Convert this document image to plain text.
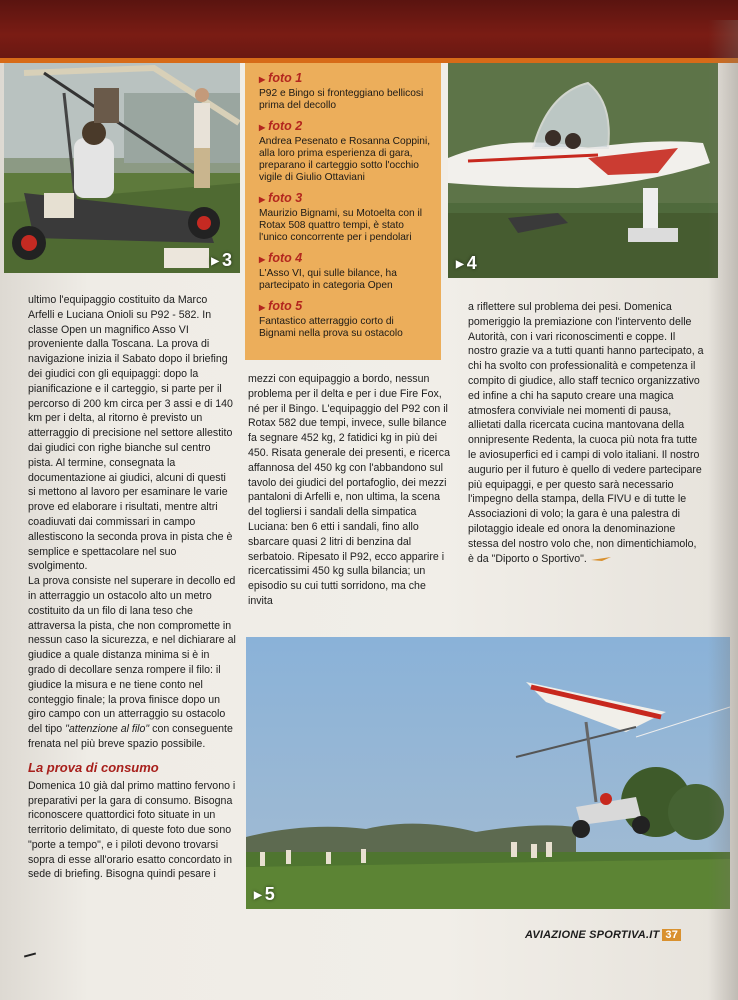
▶ 3
▶ foto 1
P92 e Bingo si fronteggiano bellicosi prima del decollo
▶ foto 2
Andrea Pesenato e Rosanna Coppini, alla loro prima esperienza di gara, preparano il carteggio sotto l'occhio vigile di Giulio Ottaviani
▶ foto 3
Maurizio Bignami, su Motoelta con il Rotax 508 quattro tempi, è stato l'unico concorrente per i pendolari
▶ foto 4
L'Asso VI, qui sulle bilance, ha partecipato in categoria Open
▶ foto 5
Fantastico atterraggio corto di Bignami nella prova su ostacolo
▶ 4

ultimo l'equipaggio costituito da Marco Arfelli e Luciana Onioli su P92 - 582. In classe Open un magnifico Asso VI proveniente dalla Toscana. La prova di navigazione inizia il Sabato dopo il briefing dei giudici con gli equipaggi: dopo la pianificazione e il carteggio, si parte per il percorso di 200 km circa per 3 assi e di 140 km per i delta, al ritorno è previsto un atterraggio di precisione nel settore allestito dai giudici con righe bianche sul centro pista. Al termine, consegnata la documentazione ai giudici, alcuni di questi si mettono al lavoro per esaminare le varie prove ed elaborare i risultati, mentre altri coadiuvati dai commissari in campo allestiscono la seconda prova in pista che è semplice e spettacolare nel suo svolgimento.

La prova consiste nel superare in decollo ed in atterraggio un ostacolo alto un metro costituito da un filo di lana teso che attraversa la pista, che non compromette in nessun caso la sicurezza, e nel dichiarare al giudice a quale distanza minima si è in grado di decollare senza rompere il filo: il giudice la misura e ne tiene conto nel conteggio finale; la prova finisce dopo un giro campo con un atterraggio su ostacolo del tipo "attenzione al filo" con conseguente frenata nel più breve spazio possibile.

La prova di consumo

Domenica 10 già dal primo mattino fervono i preparativi per la gara di consumo. Bisogna riconoscere quattordici foto situate in un territorio delimitato, di queste foto due sono "porte a tempo", e i piloti devono trovarsi sopra di esse all'orario esatto concordato in sede di briefing. Bisogna quindi pesare i

mezzi con equipaggio a bordo, nessun problema per il delta e per i due Fire Fox, né per il Bingo. L'equipaggio del P92 con il Rotax 582 due tempi, invece, sulle bilance fa segnare 452 kg, 2 fatidici kg in più dei 450. Risata generale dei presenti, e ricerca affannosa del 450 kg con l'abbandono sul tavolo dei giudici del portafoglio, dei mezzi pantaloni di Arfelli e, non ultima, la scena del togliersi i sandali della simpatica Luciana: ben 6 etti i sandali, fino allo sbarcare quasi 2 litri di benzina dal serbatoio. Ripesato il P92, ecco apparire i ricercatissimi 450 kg sulla bilancia; un episodio su cui tutti sorridono, ma che invita

a riflettere sul problema dei pesi. Domenica pomeriggio la premiazione con l'intervento delle Autorità, con i vari riconoscimenti e coppe. Il nostro grazie va a tutti quanti hanno partecipato, a chi ha svolto con professionalità e competenza il compito di giudice, allo staff tecnico organizzativo ed infine a chi ha saputo creare una magica atmosfera conviviale nei momenti di pausa, allietati dalla ricercata cucina mantovana della onnipresente Redenta, la cuoca più nota fra tutte le aviosuperfici ed i campi di volo italiani. Il nostro augurio per il futuro è quello di vedere partecipare più equipaggi, e per questo sarà necessario l'impegno della stampa, della FIVU e di tutte le Associazioni di volo; la gara è una palestra di pilotaggio ideale ed onora la denominazione stessa del nostro volo che, non dimentichiamolo, è da "Diporto o Sportivo".

▶ 5
AVIAZIONE SPORTIVA.IT 37
